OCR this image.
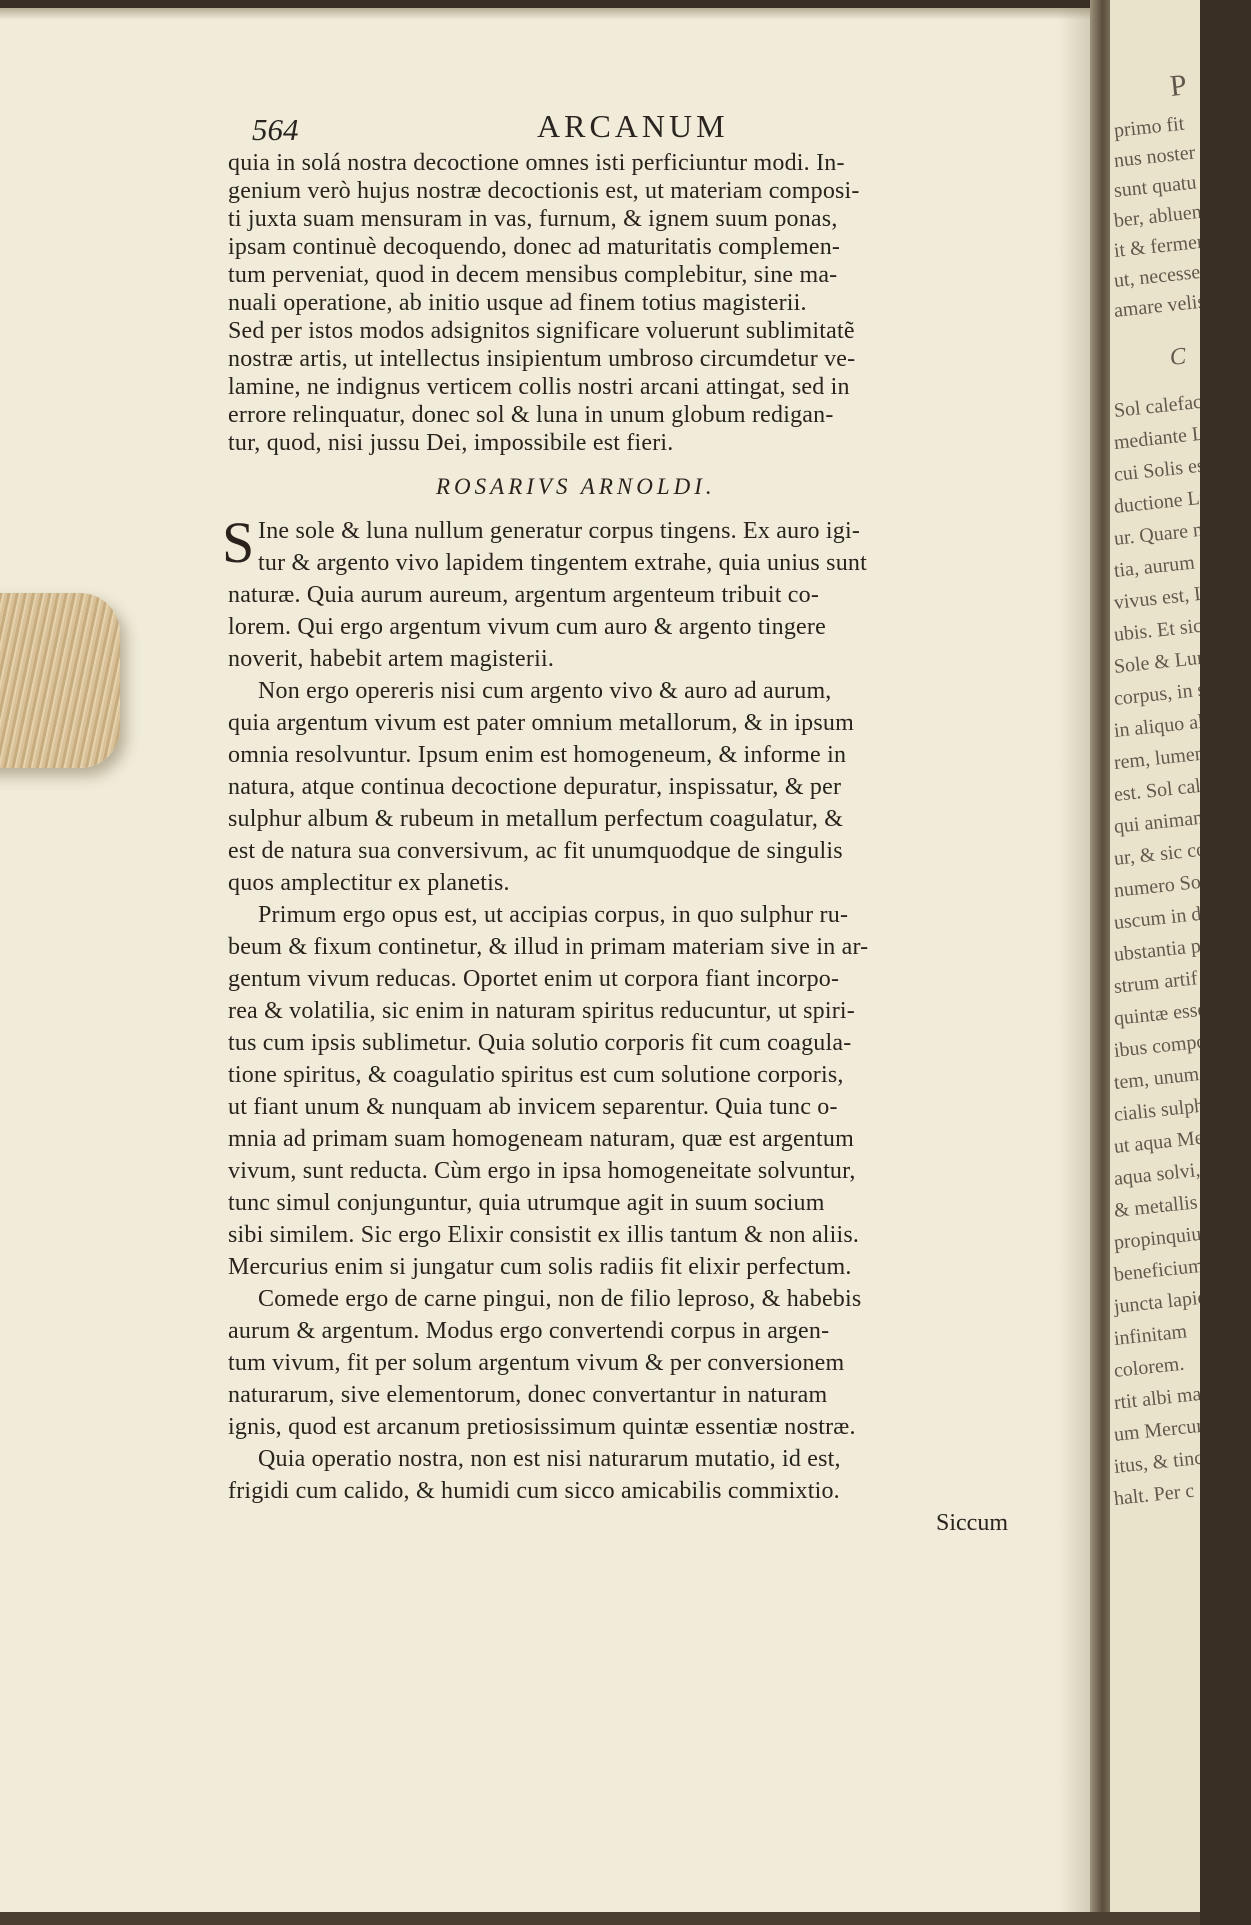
564	ARCANUM
quia in solá nostra decoctione omnes isti perficiuntur modi. In-
genium verò hujus nostræ decoctionis est, ut materiam composi-
ti juxta suam mensuram in vas, furnum, & ignem suum ponas,
ipsam continuè decoquendo, donec ad maturitatis complemen-
tum perveniat, quod in decem mensibus complebitur, sine ma-
nuali operatione, ab initio usque ad finem totius magisterii.
Sed per istos modos adsignitos significare voluerunt sublimitatẽ
nostræ artis, ut intellectus insipientum umbroso circumdetur ve-
lamine, ne indignus verticem collis nostri arcani attingat, sed in
errore relinquatur, donec sol & luna in unum globum redigan-
tur, quod, nisi jussu Dei, impossibile est fieri.
ROSARIVS ARNOLDI.
S Ine sole & luna nullum generatur corpus tingens. Ex auro igi-
tur & argento vivo lapidem tingentem extrahe, quia unius sunt
naturæ. Quia aurum aureum, argentum argenteum tribuit co-
lorem. Qui ergo argentum vivum cum auro & argento tingere
noverit, habebit artem magisterii.
Non ergo opereris nisi cum argento vivo & auro ad aurum,
quia argentum vivum est pater omnium metallorum, & in ipsum
omnia resolvuntur. Ipsum enim est homogeneum, & informe in
natura, atque continua decoctione depuratur, inspissatur, & per
sulphur album & rubeum in metallum perfectum coagulatur, &
est de natura sua conversivum, ac fit unumquodque de singulis
quos amplectitur ex planetis.
Primum ergo opus est, ut accipias corpus, in quo sulphur ru-
beum & fixum continetur, & illud in primam materiam sive in ar-
gentum vivum reducas. Oportet enim ut corpora fiant incorpo-
rea & volatilia, sic enim in naturam spiritus reducuntur, ut spiri-
tus cum ipsis sublimetur. Quia solutio corporis fit cum coagula-
tione spiritus, & coagulatio spiritus est cum solutione corporis,
ut fiant unum & nunquam ab invicem separentur. Quia tunc o-
mnia ad primam suam homogeneam naturam, quæ est argentum
vivum, sunt reducta. Cùm ergo in ipsa homogeneitate solvuntur,
tunc simul conjunguntur, quia utrumque agit in suum socium
sibi similem. Sic ergo Elixir consistit ex illis tantum & non aliis.
Mercurius enim si jungatur cum solis radiis fit elixir perfectum.
Comede ergo de carne pingui, non de filio leproso, & habebis
aurum & argentum. Modus ergo convertendi corpus in argen-
tum vivum, fit per solum argentum vivum & per conversionem
naturarum, sive elementorum, donec convertantur in naturam
ignis, quod est arcanum pretiosissimum quintæ essentiæ nostræ.
Quia operatio nostra, non est nisi naturarum mutatio, id est,
frigidi cum calido, & humidi cum sicco amicabilis commixtio.
Siccum
P
primo fit
nus noster c
sunt quatu
ber, abluen
it & fermentu
ut, necesse est
amare velis.
C
Sol calefacit te
mediante Lun
cui Solis est rece
ductione Luna,
ur. Quare ne
tia, aurum & vi
vivus est, Luna n
ubis. Et sic ne
Sole & Luna.
corpus, in soror
in aliquo ali
rem, lumen
est. Sol calidu
qui animam a Sc
ur, & sic comr
numero Sol
uscum in deco
ubstantia propria
strum artif
quintæ essenti
ibus composi
tem, unum no
cialis sulphur
ut aqua Mercuri
aqua solvi,
& metallis eri
propinquius est
beneficium
juncta lapid
infinitam
colorem.
rtit albi ma
um Mercuri
itus, & tinct
halt. Per c
